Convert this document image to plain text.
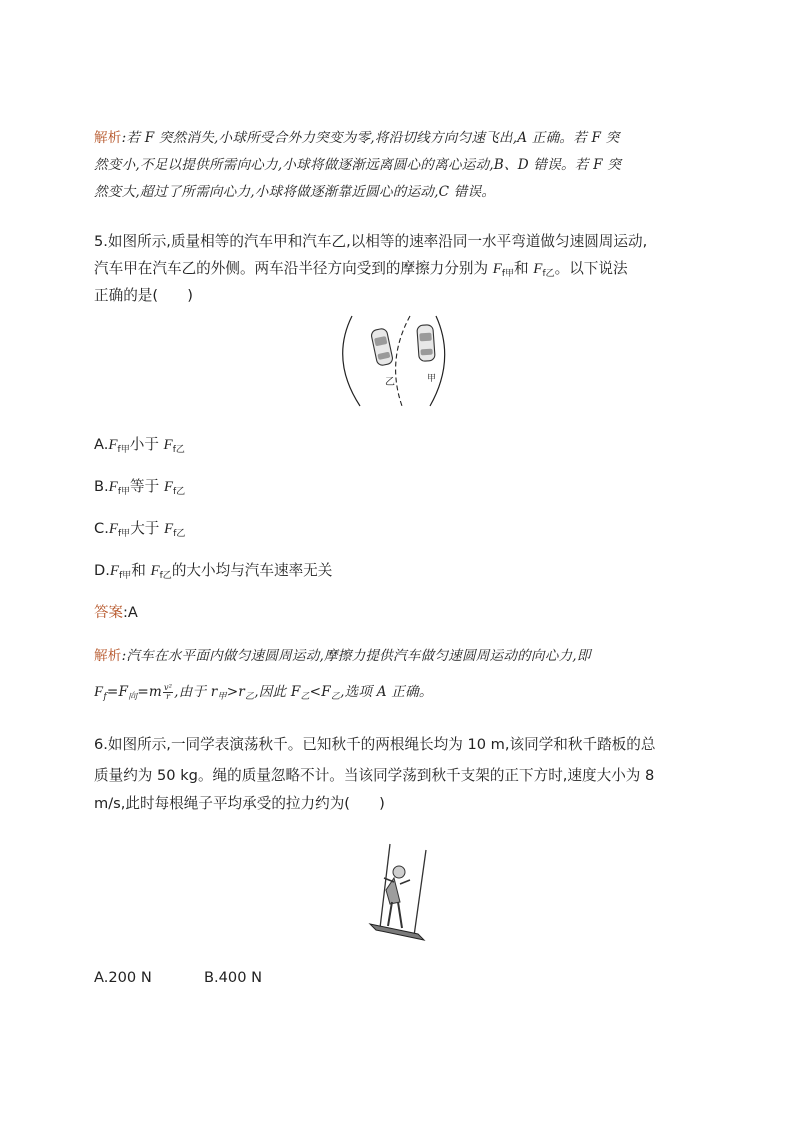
解析:若 F 突然消失,小球所受合外力突变为零,将沿切线方向匀速飞出,A 正确。若 F 突
然变小,不足以提供所需向心力,小球将做逐渐远离圆心的离心运动,B、D 错误。若 F 突
然变大,超过了所需向心力,小球将做逐渐靠近圆心的运动,C 错误。
5.如图所示,质量相等的汽车甲和汽车乙,以相等的速率沿同一水平弯道做匀速圆周运动,
汽车甲在汽车乙的外侧。两车沿半径方向受到的摩擦力分别为 $F_{f甲}$和 $F_{f乙}$。以下说法
正确的是(　　)
乙	甲
$A.F_{f甲}$小于 $F_{f乙}$
$B.F_{f甲}$等于 $F_{f乙}$
$C.F_{f甲}$大于 $F_{f乙}$
$D.F_{f甲}$和 $F_{f乙}$的大小均与汽车速率无关
答案:A
解析:汽车在水平面内做匀速圆周运动,摩擦力提供汽车做匀速圆周运动的向心力,即
$F_f=F_向=m \frac{\text{v²}}{r}$ ,由于 $r_甲>r_乙$,因此 $F_乙<F_乙$,选项 A 正确。
6.如图所示,一同学表演荡秋千。已知秋千的两根绳长均为 10 m,该同学和秋千踏板的总
质量约为 50 kg。绳的质量忽略不计。当该同学荡到秋千支架的正下方时,速度大小为 8
m/s,此时每根绳子平均承受的拉力约为(　　)
A.200 N	B.400 N
